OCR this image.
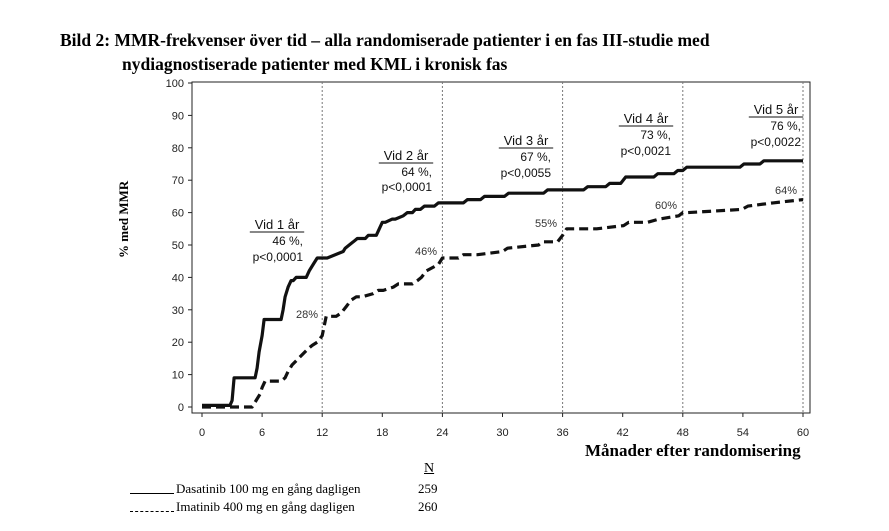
Bild 2: MMR-frekvenser över tid – alla randomiserade patienter i en fas III-studie med
nydiagnostiserade patienter med KML i kronisk fas
0
10
20
30
40
50
60
70
80
90
100
0	6	12	18	24	30	36	42	48	54	60
Vid 1 år
46 %,
p<0,0001
Vid 2 år
64 %,
p<0,0001
Vid 3 år
67 %,
p<0,0055
Vid 4 år
73 %,
p<0,0021
Vid 5 år
76 %,
p<0,0022
28%
46%
55%
60%
64%
% med MMR
Månader efter randomisering
N
Dasatinib 100 mg en gång dagligen	259
Imatinib 400 mg en gång dagligen	260
